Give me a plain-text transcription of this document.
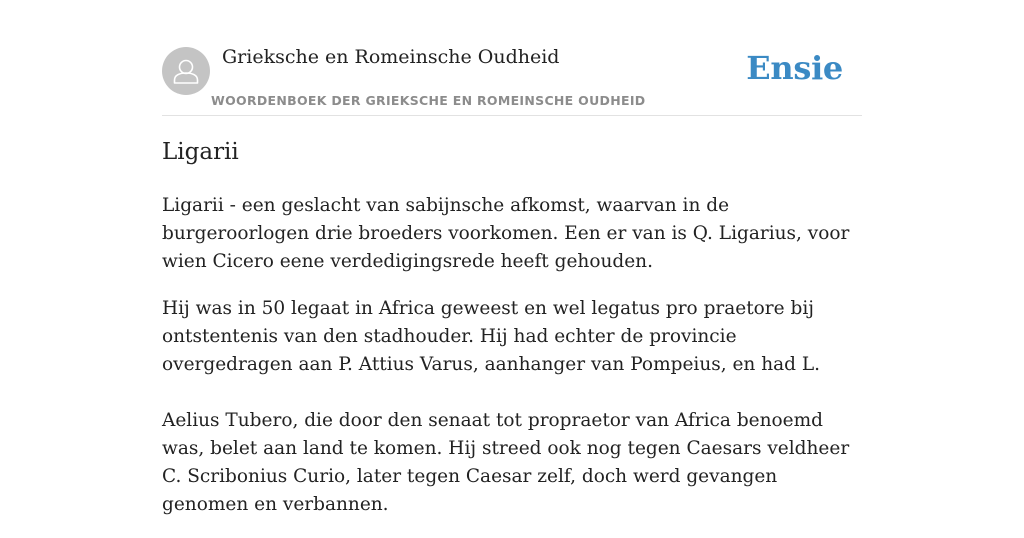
Grieksche en Romeinsche Oudheid
WOORDENBOEK DER GRIEKSCHE EN ROMEINSCHE OUDHEID
Ensie
Ligarii

Ligarii - een geslacht van sabijnsche afkomst, waarvan in de burgeroorlogen drie broeders voorkomen. Een er van is Q. Ligarius, voor wien Cicero eene verdedigingsrede heeft gehouden.

Hij was in 50 legaat in Africa geweest en wel legatus pro praetore bij ontstentenis van den stadhouder. Hij had echter de provincie overgedragen aan P. Attius Varus, aanhanger van Pompeius, en had L.

Aelius Tubero, die door den senaat tot propraetor van Africa benoemd was, belet aan land te komen. Hij streed ook nog tegen Caesars veldheer C. Scribonius Curio, later tegen Caesar zelf, doch werd gevangen genomen en verbannen.
